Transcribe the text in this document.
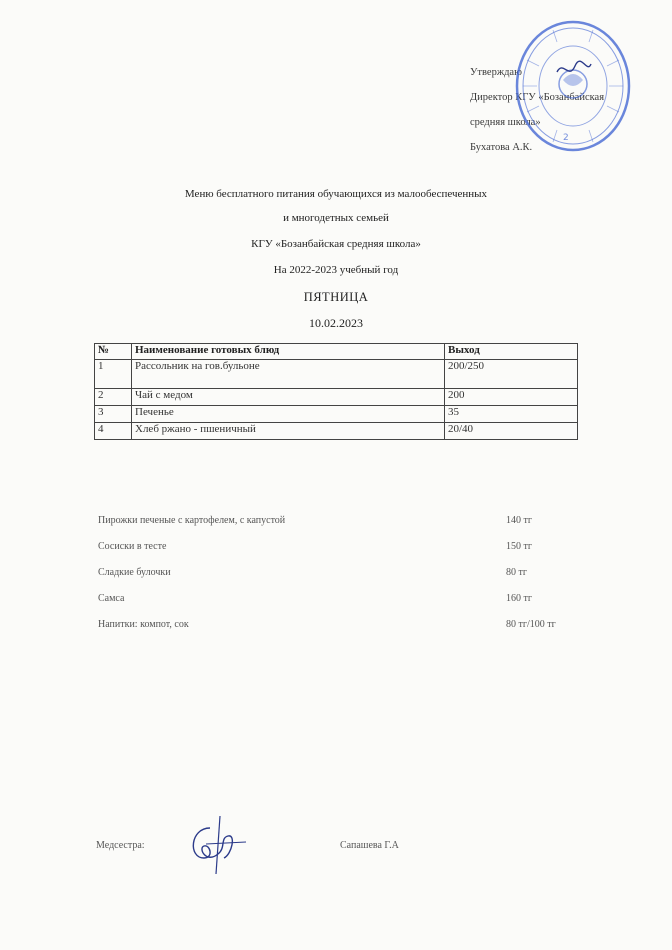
Утверждаю
Директор КГУ «Бозанбайская
средняя школа»
Бухатова А.К.
2
Меню бесплатного питания обучающихся из малообеспеченных
и многодетных семьей
КГУ «Бозанбайская средняя школа»
На 2022-2023 учебный год
ПЯТНИЦА
10.02.2023
№	Наименование готовых блюд	Выход
1	Рассольник на гов.бульоне	200/250
2	Чай с медом	200
3	Печенье	35
4	Хлеб ржано - пшеничный	20/40
Пирожки печеные с картофелем, с капустой	140 тг
Сосиски в тесте	150 тг
Сладкие булочки	80 тг
Самса	160 тг
Напитки: компот, сок	80 тг/100 тг
Медсестра:	Сапашева Г.А
